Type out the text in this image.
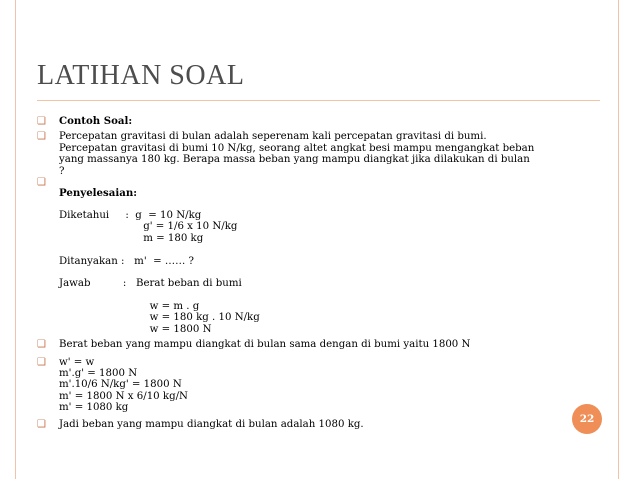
LATIHAN SOAL
❑ Contoh Soal:
❑ Percepatan gravitasi di bulan adalah seperenam kali percepatan gravitasi di bumi.
Percepatan gravitasi di bumi 10 N/kg, seorang altet angkat besi mampu mengangkat beban
yang massanya 180 kg. Berapa massa beban yang mampu diangkat jika dilakukan di bulan
?
❑

Penyelesaian:
Diketahui     :  g  = 10 N/kg
g' = 1/6 x 10 N/kg
m = 180 kg
Ditanyakan :   m'  = …… ?
Jawab          :   Berat beban di bumi
w = m . g
w = 180 kg . 10 N/kg
w = 1800 N
❑ Berat beban yang mampu diangkat di bulan sama dengan di bumi yaitu 1800 N
❑ w' = w
m'.g' = 1800 N
m'.10/6 N/kg' = 1800 N
m' = 1800 N x 6/10 kg/N
m' = 1080 kg
❑ Jadi beban yang mampu diangkat di bulan adalah 1080 kg.	22
